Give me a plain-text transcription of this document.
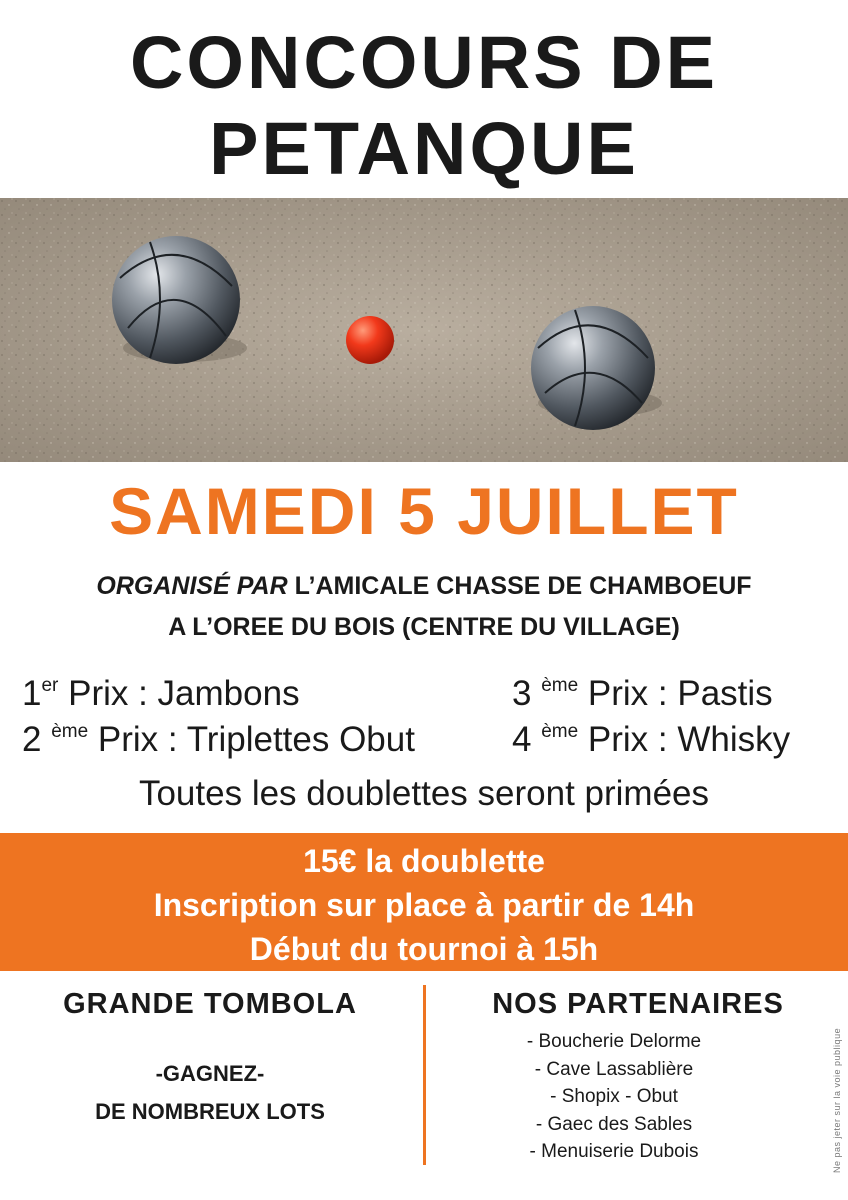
CONCOURS DE
PETANQUE
SAMEDI 5 JUILLET
ORGANISÉ PAR L’AMICALE CHASSE DE CHAMBOEUF
A L’OREE DU BOIS (CENTRE DU VILLAGE)
1er Prix : Jambons
2 $^{ème}$ Prix : Triplettes Obut
3 $^{ème}$ Prix : Pastis
4 $^{ème}$ Prix : Whisky
Toutes les doublettes seront primées
15€ la doublette
Inscription sur place à partir de 14h
Début du tournoi à 15h
GRANDE TOMBOLA
-GAGNEZ-
DE NOMBREUX LOTS
NOS PARTENAIRES
- Boucherie Delorme
- Cave Lassablière
- Shopix - Obut
- Gaec des Sables
- Menuiserie Dubois	Ne pas jeter sur la voie publique
